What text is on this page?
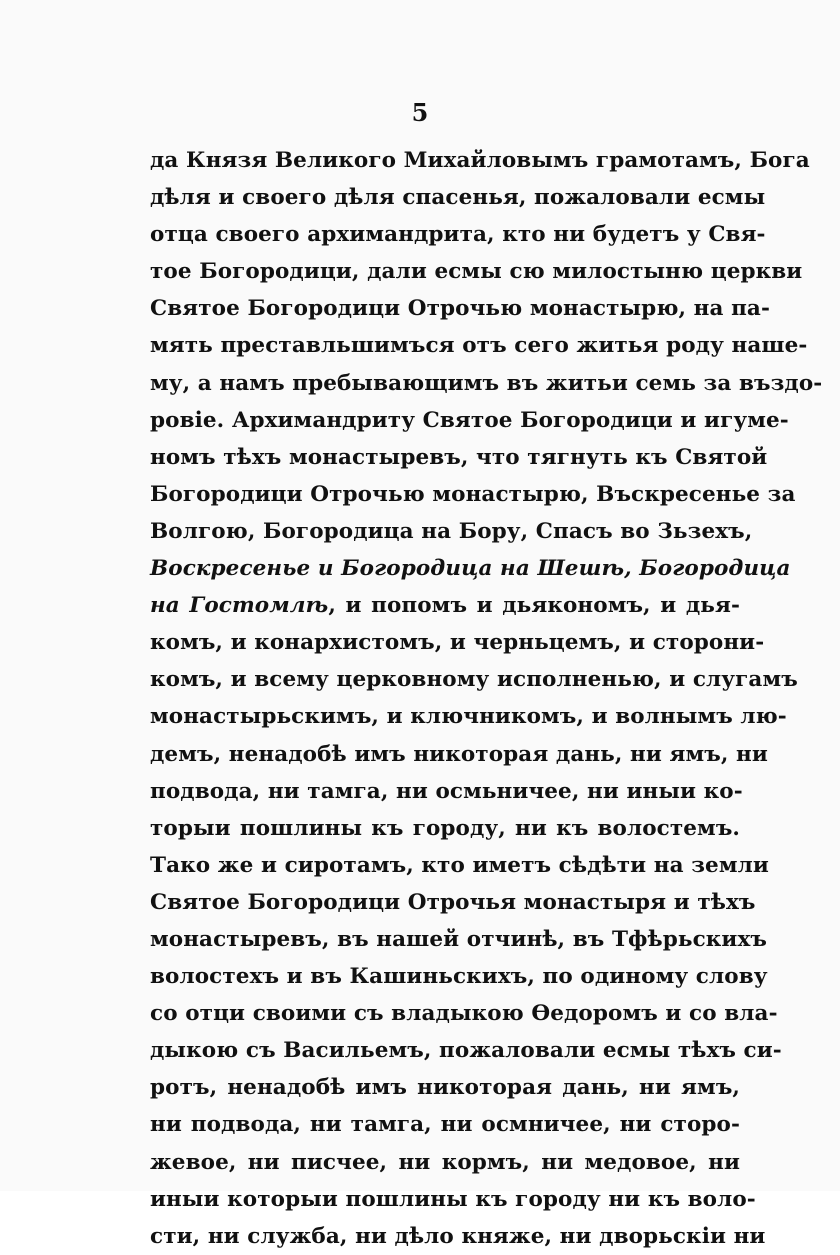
5
да Князя Великого Михайловымъ грамотамъ, Бога
дѣля и своего дѣля спасенья, пожаловали есмы
отца своего архимандрита, кто ни будетъ у Свя-
тое Богородици, дали есмы сю милостыню церкви
Святое Богородици Отрочью монастырю, на па-
мять преставльшимъся отъ сего житья роду наше-
му, а намъ пребывающимъ въ житьи семь за въздо-
ровіе. Архимандриту Святое Богородици и игуме-
номъ тѣхъ монастыревъ, что тягнуть къ Святой
Богородици Отрочью монастырю, Въскресенье за
Волгою, Богородица на Бору, Спасъ во Зьзехъ,
Воскресенье и Богородица на Шешѣ, Богородица
на Гостомлѣ, и попомъ и дьякономъ, и дья-
комъ, и конархистомъ, и черньцемъ, и сторони-
комъ, и всему церковному исполненью, и слугамъ
монастырьскимъ, и ключникомъ, и волнымъ лю-
демъ, ненадобѣ имъ никоторая дань, ни ямъ, ни
подвода, ни тамга, ни осмьничее, ни иныи ко-
торыи пошлины къ городу, ни къ волостемъ.
Тако же и сиротамъ, кто иметъ сѣдѣти на земли
Святое Богородици Отрочья монастыря и тѣхъ
монастыревъ, въ нашей отчинѣ, въ Тфѣрьскихъ
волостехъ и въ Кашиньскихъ, по одиному слову
со отци своими съ владыкою Өедоромъ и со вла-
дыкою съ Васильемъ, пожаловали есмы тѣхъ си-
ротъ, ненадобѣ имъ никоторая дань, ни ямъ,
ни подвода, ни тамга, ни осмничее, ни сторо-
жевое, ни писчее, ни кормъ, ни медовое, ни
иныи которыи пошлины къ городу ни къ воло-
сти, ни служба, ни дѣло княже, ни дворьскіи ни
